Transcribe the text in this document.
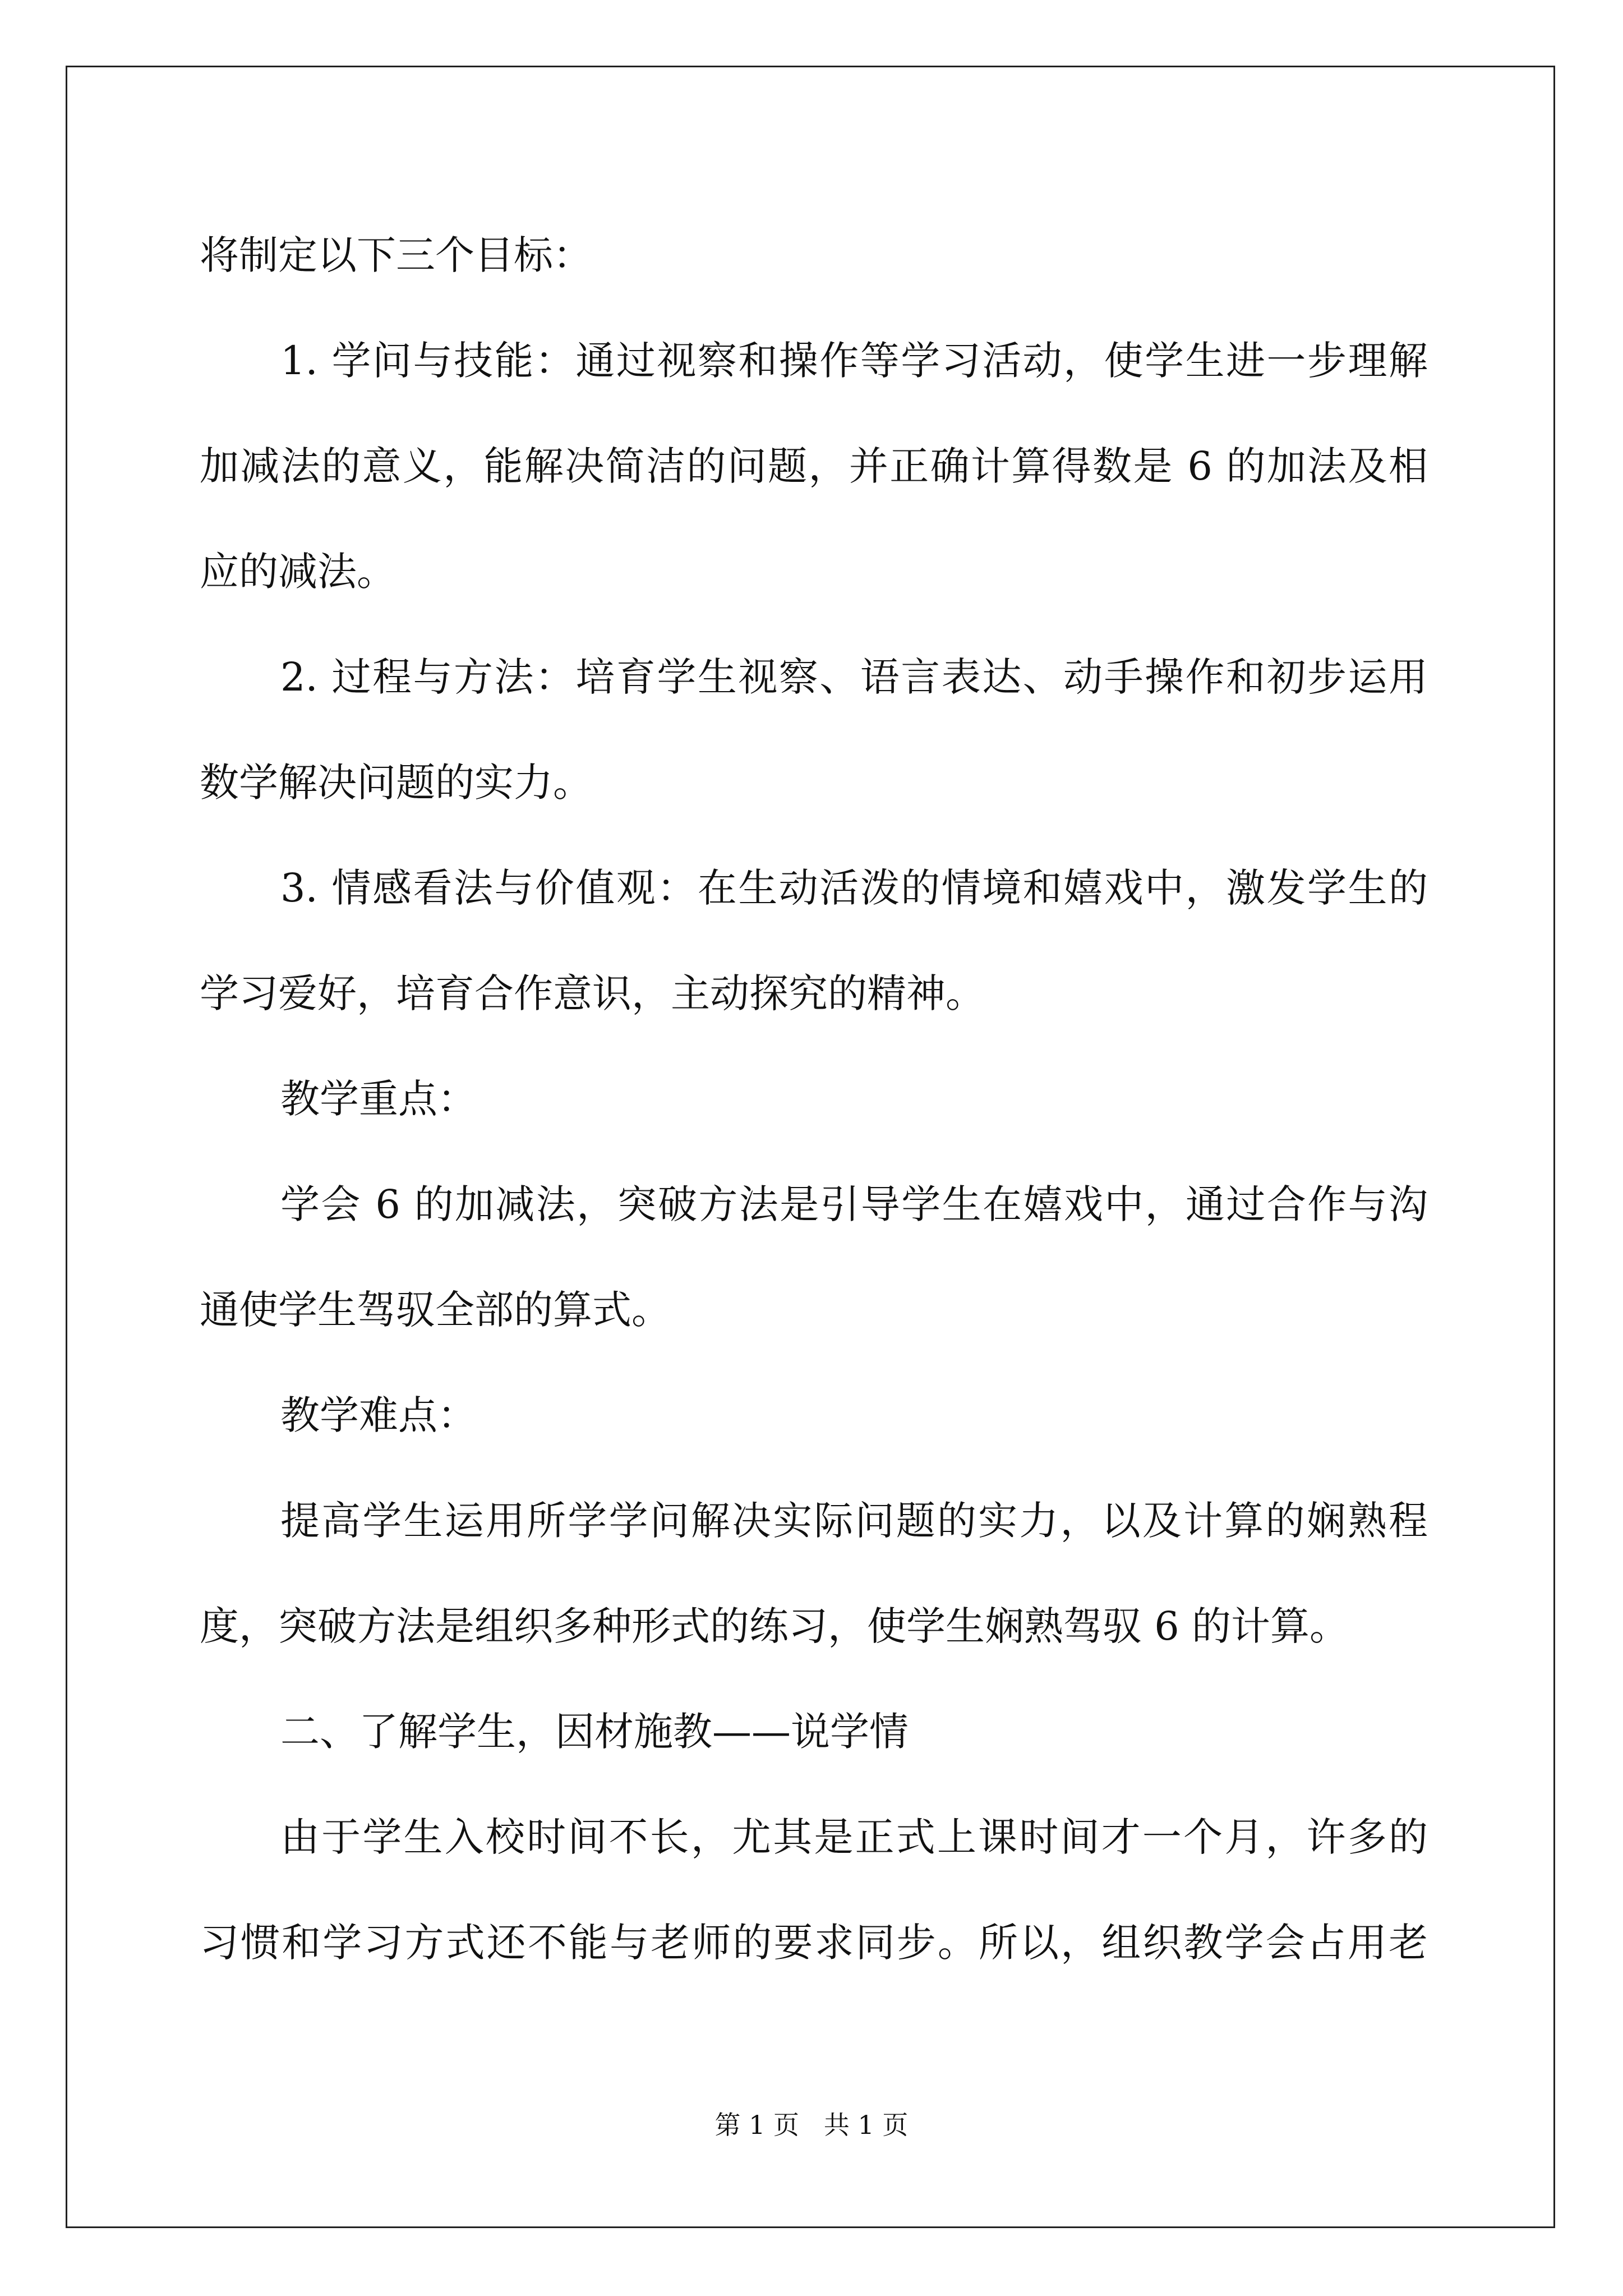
将制定以下三个目标：
1. 学问与技能：通过视察和操作等学习活动，使学生进一步理解
加减法的意义，能解决简洁的问题，并正确计算得数是 6 的加法及相
应的减法。
2. 过程与方法：培育学生视察、语言表达、动手操作和初步运用
数学解决问题的实力。
3. 情感看法与价值观：在生动活泼的情境和嬉戏中，激发学生的
学习爱好，培育合作意识，主动探究的精神。
教学重点：
学会 6 的加减法，突破方法是引导学生在嬉戏中，通过合作与沟
通使学生驾驭全部的算式。
教学难点：
提高学生运用所学学问解决实际问题的实力，以及计算的娴熟程
度，突破方法是组织多种形式的练习，使学生娴熟驾驭 6 的计算。
二、了解学生，因材施教——说学情
由于学生入校时间不长，尤其是正式上课时间才一个月，许多的
习惯和学习方式还不能与老师的要求同步。所以，组织教学会占用老
第 1 页   共 1 页
